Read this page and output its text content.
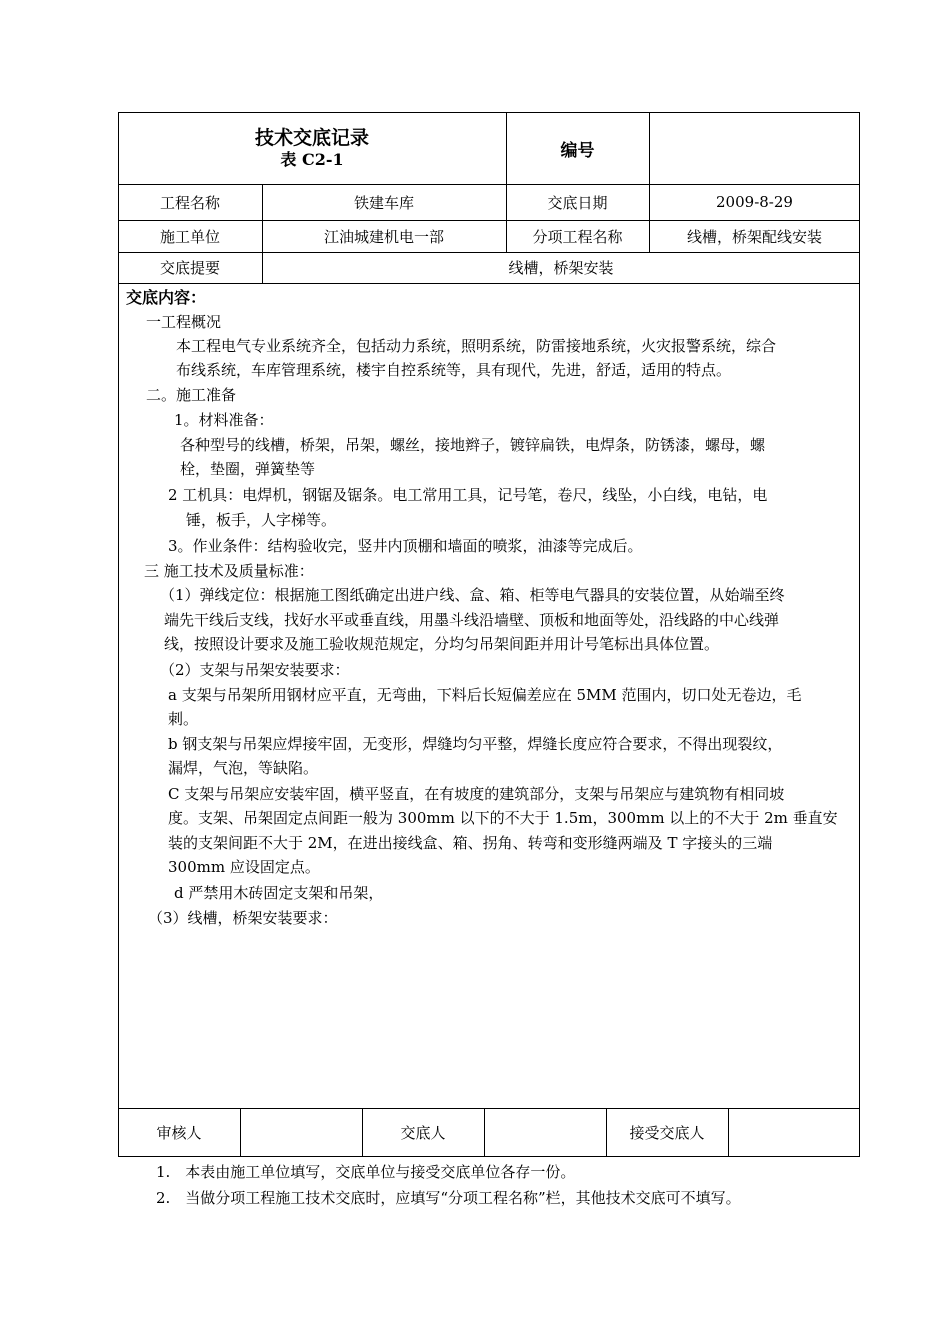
技术交底记录
表 C2-1	编号
工程名称	铁建车库	交底日期	2009-8-29
施工单位	江油城建机电一部	分项工程名称	线槽，桥架配线安装
交底提要	线槽，桥架安装
交底内容：
一工程概况
本工程电气专业系统齐全，包括动力系统，照明系统，防雷接地系统，火灾报警系统，综合
布线系统，车库管理系统，楼宇自控系统等，具有现代，先进，舒适，适用的特点。
二。施工准备
1。材料准备：
各种型号的线槽，桥架，吊架，螺丝，接地辫子，镀锌扁铁，电焊条，防锈漆，螺母，螺
栓，垫圈，弹簧垫等
2 工机具：电焊机，钢锯及锯条。电工常用工具，记号笔，卷尺，线坠，小白线，电钻，电
锤，板手，人字梯等。
3。作业条件：结构验收完，竖井内顶棚和墙面的喷浆，油漆等完成后。
三 施工技术及质量标准：
（1）弹线定位：根据施工图纸确定出进户线、盒、箱、柜等电气器具的安装位置，从始端至终
端先干线后支线，找好水平或垂直线，用墨斗线沿墙壁、顶板和地面等处，沿线路的中心线弹
线，按照设计要求及施工验收规范规定，分均匀吊架间距并用计号笔标出具体位置。
（2）支架与吊架安装要求：
a 支架与吊架所用钢材应平直，无弯曲，下料后长短偏差应在 5MM 范围内，切口处无卷边，毛
刺。
b 钢支架与吊架应焊接牢固，无变形，焊缝均匀平整，焊缝长度应符合要求，不得出现裂纹，
漏焊，气泡，等缺陷。
C 支架与吊架应安装牢固，横平竖直，在有坡度的建筑部分，支架与吊架应与建筑物有相同坡
度。支架、吊架固定点间距一般为 300mm 以下的不大于 1.5m，300mm 以上的不大于 2m 垂直安
装的支架间距不大于 2M，在进出接线盒、箱、拐角、转弯和变形缝两端及 T 字接头的三端
300mm 应设固定点。
d 严禁用木砖固定支架和吊架，
（3）线槽，桥架安装要求：
审核人	交底人	接受交底人
1.　本表由施工单位填写，交底单位与接受交底单位各存一份。
2.　当做分项工程施工技术交底时，应填写“分项工程名称”栏，其他技术交底可不填写。
